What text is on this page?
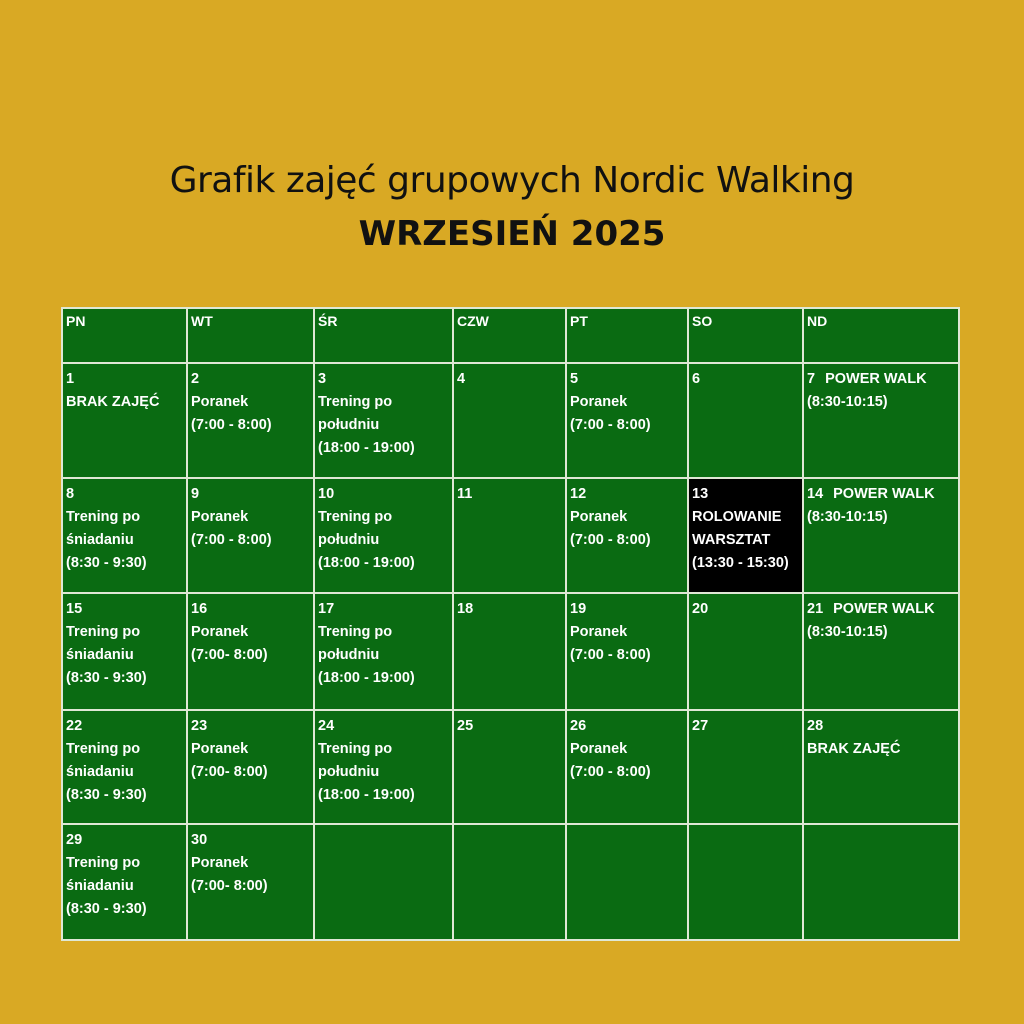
Grafik zajęć grupowych Nordic Walking
WRZESIEŃ 2025
PN	WT	ŚR	CZW	PT	SO	ND

1
BRAK ZAJĘĆ	2
Poranek
(7:00 - 8:00)	3
Trening po
południu
(18:00 - 19:00)	4	5
Poranek
(7:00 - 8:00)	6	7 POWER WALK
(8:30-10:15)

8
Trening po
śniadaniu
(8:30 - 9:30)	9
Poranek
(7:00 - 8:00)	10
Trening po
południu
(18:00 - 19:00)	11	12
Poranek
(7:00 - 8:00)	13
ROLOWANIE
WARSZTAT
(13:30 - 15:30)	14 POWER WALK
(8:30-10:15)

15
Trening po
śniadaniu
(8:30 - 9:30)	16
Poranek
(7:00- 8:00)	17
Trening po
południu
(18:00 - 19:00)	18	19
Poranek
(7:00 - 8:00)	20	21 POWER WALK
(8:30-10:15)

22
Trening po
śniadaniu
(8:30 - 9:30)	23
Poranek
(7:00- 8:00)	24
Trening po
południu
(18:00 - 19:00)	25	26
Poranek
(7:00 - 8:00)	27	28
BRAK ZAJĘĆ

29
Trening po
śniadaniu
(8:30 - 9:30)	30
Poranek
(7:00- 8:00)					
